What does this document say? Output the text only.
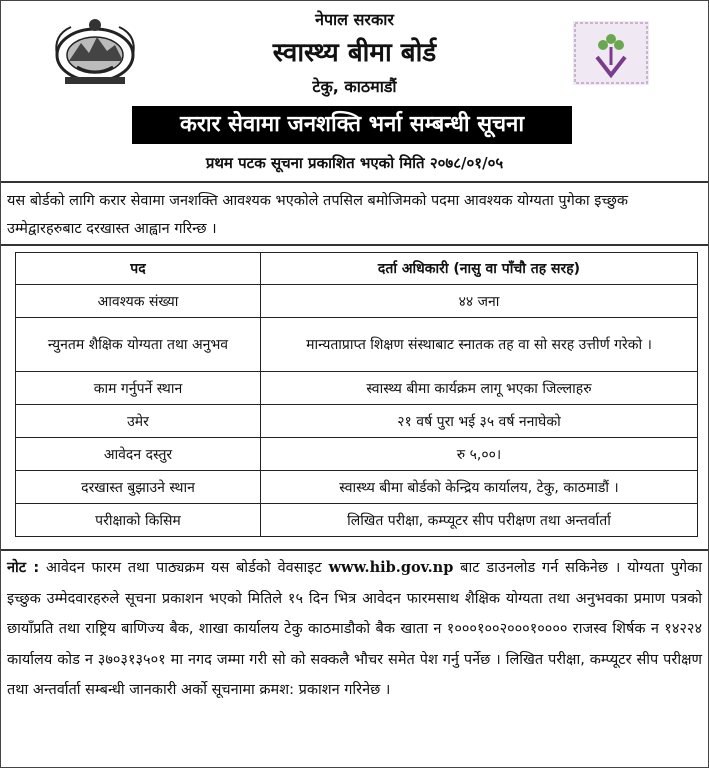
नेपाल सरकार
स्वास्थ्य बीमा बोर्ड
टेकु, काठमाडौं
करार सेवामा जनशक्ति भर्ना सम्बन्धी सूचना
प्रथम पटक सूचना प्रकाशित भएको मिति २०७८/०१/०५
यस बोर्डको लागि करार सेवामा जनशक्ति आवश्यक भएकोले तपसिल बमोजिमको पदमा आवश्यक योग्यता पुगेका इच्छुक उम्मेद्वारहरुबाट दरखास्त आह्वान गरिन्छ ।
पद	दर्ता अधिकारी (नासु वा पाँचौ तह सरह)
आवश्यक संख्या	४४ जना
न्युनतम शैक्षिक योग्यता तथा अनुभव	मान्यताप्राप्त शिक्षण संस्थाबाट स्नातक तह वा सो सरह उत्तीर्ण गरेको ।
काम गर्नुपर्ने स्थान	स्वास्थ्य बीमा कार्यक्रम लागू भएका जिल्लाहरु
उमेर	२१ वर्ष पुरा भई ३५ वर्ष ननाघेको
आवेदन दस्तुर	रु ५,००।
दरखास्त बुझाउने स्थान	स्वास्थ्य बीमा बोर्डको केन्द्रिय कार्यालय, टेकु, काठमाडौं ।
परीक्षाको किसिम	लिखित परीक्षा, कम्प्यूटर सीप परीक्षण तथा अन्तर्वार्ता
नोट : आवेदन फारम तथा पाठ्यक्रम यस बोर्डको वेवसाइट www.hib.gov.np बाट डाउनलोड गर्न सकिनेछ । योग्यता पुगेका इच्छुक उम्मेदवारहरुले सूचना प्रकाशन भएको मितिले १५ दिन भित्र आवेदन फारमसाथ शैक्षिक योग्यता तथा अनुभवका प्रमाण पत्रको छायाँप्रति तथा राष्ट्रिय बाणिज्य बैक, शाखा कार्यालय टेकु काठमाडौको बैक खाता न १०००१००२०००१०००० राजस्व शिर्षक न १४२२४ कार्यालय कोड न ३७०३१३५०१ मा नगद जम्मा गरी सो को सक्कलै भौचर समेत पेश गर्नु पर्नेछ । लिखित परीक्षा, कम्प्यूटर सीप परीक्षण तथा अन्तर्वार्ता सम्बन्धी जानकारी अर्को सूचनामा क्रमश: प्रकाशन गरिनेछ ।
